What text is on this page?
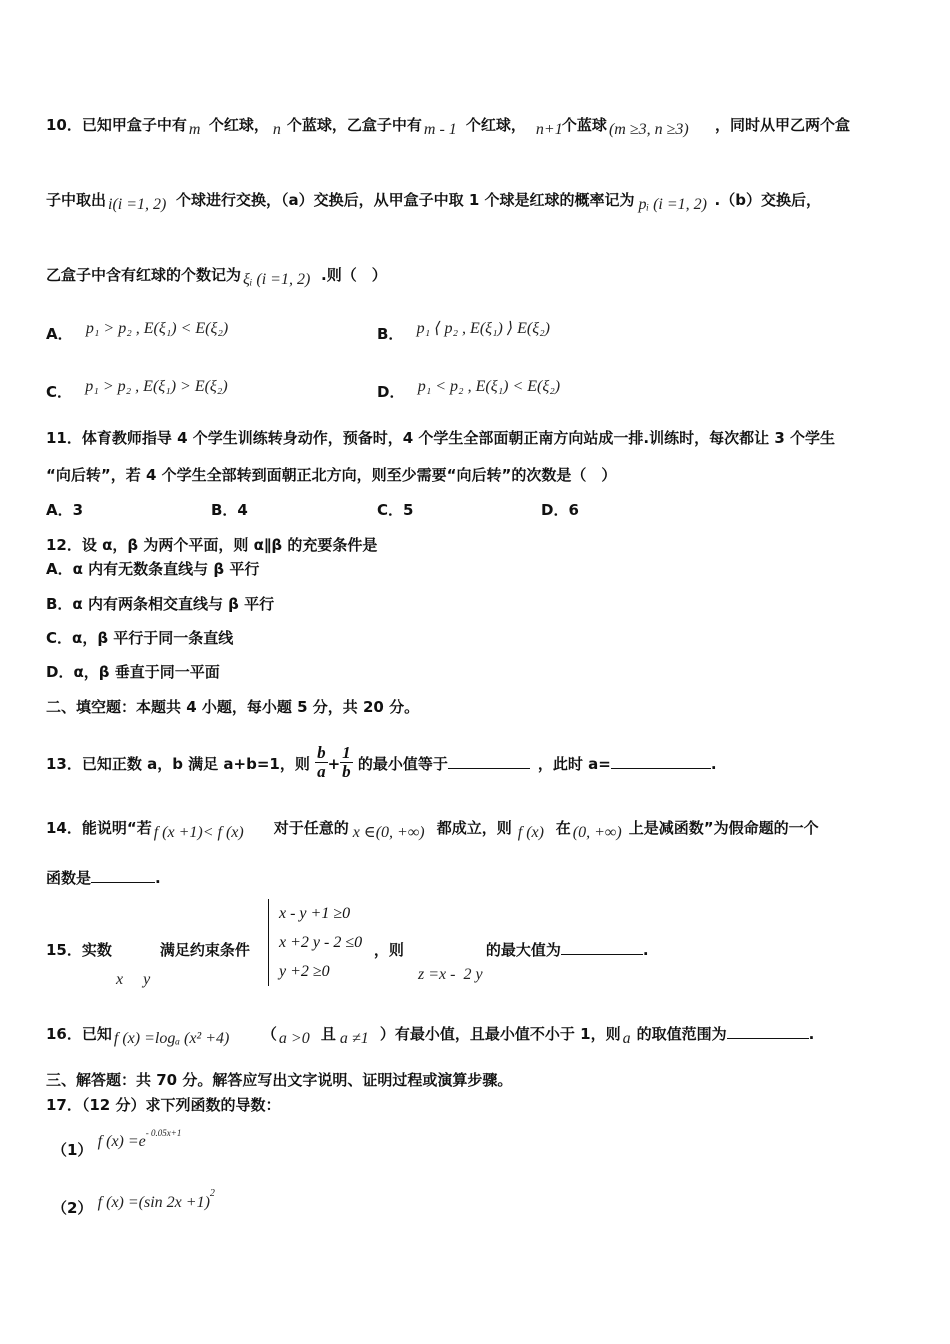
10．已知甲盒子中有 m 个红球， n 个蓝球，乙盒子中有 m - 1 个红球， n+1 个蓝球 (m ≥3, n ≥3) ，同时从甲乙两个盒
子中取出 i(i =1, 2) 个球进行交换，（a）交换后，从甲盒子中取 1 个球是红球的概率记为 pᵢ (i =1, 2) .（b）交换后，
乙盒子中含有红球的个数记为 ξᵢ (i =1, 2) .则（　）
A． p₁ > p₂ , E(ξ₁) < E(ξ₂)	B． p₁ ⟨ p₂ , E(ξ₁) ⟩ E(ξ₂)
C． p₁ > p₂ , E(ξ₁) > E(ξ₂)	D． p₁ < p₂ , E(ξ₁) < E(ξ₂)
11．体育教师指导 4 个学生训练转身动作，预备时，4 个学生全部面朝正南方向站成一排.训练时，每次都让 3 个学生
“向后转”，若 4 个学生全部转到面朝正北方向，则至少需要“向后转”的次数是（　）
A．3	B．4	C．5	D．6
12．设 α，β 为两个平面，则 α∥β 的充要条件是
A．α 内有无数条直线与 β 平行
B．α 内有两条相交直线与 β 平行
C．α，β 平行于同一条直线
D．α，β 垂直于同一平面
二、填空题：本题共 4 小题，每小题 5 分，共 20 分。
13．已知正数 a，b 满足 a+b=1，则 $\frac{b}{a} + \frac{1}{b}$ 的最小值等于	，此时 a=	.
14．能说明“若 f (x +1)< f (x) 对于任意的 x ∈(0, +∞) 都成立，则 f (x) 在 (0, +∞) 上是减函数”为假命题的一个
函数是	.
15．实数	满足约束条件	，则	的最大值为	.
x　 y
x - y +1 ≥0
x +2 y - 2 ≤0
y +2 ≥0	z =x -  2 y
16．已知 f (x) =logₐ (x² +4) （ a >0 且 a ≠1 ）有最小值，且最小值不小于 1，则 a 的取值范围为	.
三、解答题：共 70 分。解答应写出文字说明、证明过程或演算步骤。
17．（12 分）求下列函数的导数：
（1） f $(x) =e^{- 0.05x+1}$
（2） f (x) =(sin 2x +1)$^2$
